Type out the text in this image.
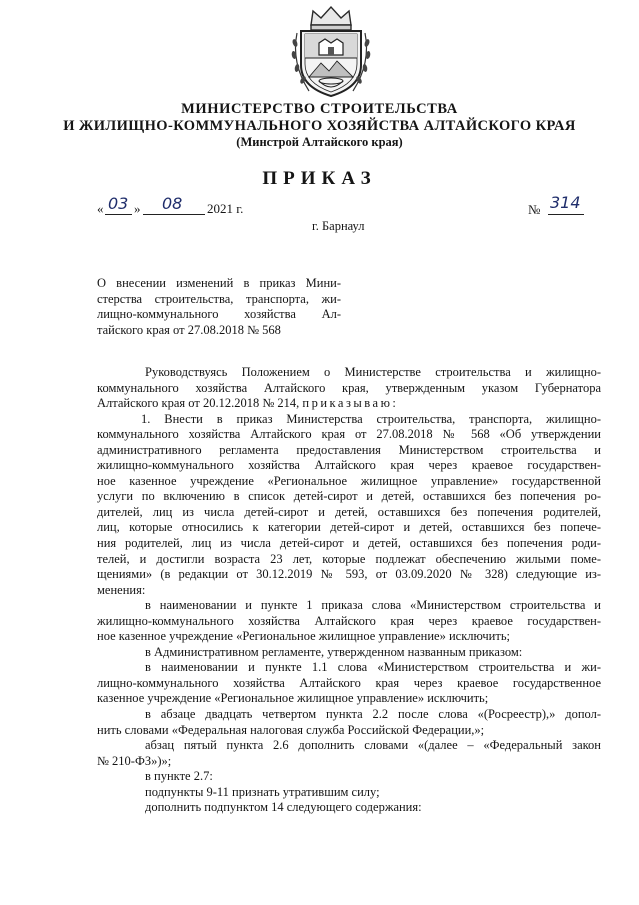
МИНИСТЕРСТВО СТРОИТЕЛЬСТВА
И ЖИЛИЩНО-КОММУНАЛЬНОГО ХОЗЯЙСТВА АЛТАЙСКОГО КРАЯ
(Минстрой Алтайского края)
ПРИКАЗ
« 03 » 08 2021 г.	№ 314
г. Барнаул
О внесении изменений в приказ Мини-
стерства строительства, транспорта, жи-
лищно-коммунального хозяйства Ал-
тайского края от 27.08.2018 № 568
Руководствуясь Положением о Министерстве строительства и жилищно-
коммунального хозяйства Алтайского края, утвержденным указом Губернатора
Алтайского края от 20.12.2018 № 214, приказываю:
1. Внести в приказ Министерства строительства, транспорта, жилищно-
коммунального хозяйства Алтайского края от 27.08.2018 № 568 «Об утверждении
административного регламента предоставления Министерством строительства и
жилищно-коммунального хозяйства Алтайского края через краевое государствен-
ное казенное учреждение «Региональное жилищное управление» государственной
услуги по включению в список детей-сирот и детей, оставшихся без попечения ро-
дителей, лиц из числа детей-сирот и детей, оставшихся без попечения родителей,
лиц, которые относились к категории детей-сирот и детей, оставшихся без попече-
ния родителей, лиц из числа детей-сирот и детей, оставшихся без попечения роди-
телей, и достигли возраста 23 лет, которые подлежат обеспечению жилыми поме-
щениями» (в редакции от 30.12.2019 № 593, от 03.09.2020 № 328) следующие из-
менения:
в наименовании и пункте 1 приказа слова «Министерством строительства и
жилищно-коммунального хозяйства Алтайского края через краевое государствен-
ное казенное учреждение «Региональное жилищное управление» исключить;
в Административном регламенте, утвержденном названным приказом:
в наименовании и пункте 1.1 слова «Министерством строительства и жи-
лищно-коммунального хозяйства Алтайского края через краевое государственное
казенное учреждение «Региональное жилищное управление» исключить;
в абзаце двадцать четвертом пункта 2.2 после слова «(Росреестр),» допол-
нить словами «Федеральная налоговая служба Российской Федерации,»;
абзац пятый пункта 2.6 дополнить словами «(далее – «Федеральный закон
№ 210-ФЗ»)»;
в пункте 2.7:
подпункты 9-11 признать утратившим силу;
дополнить подпунктом 14 следующего содержания:
